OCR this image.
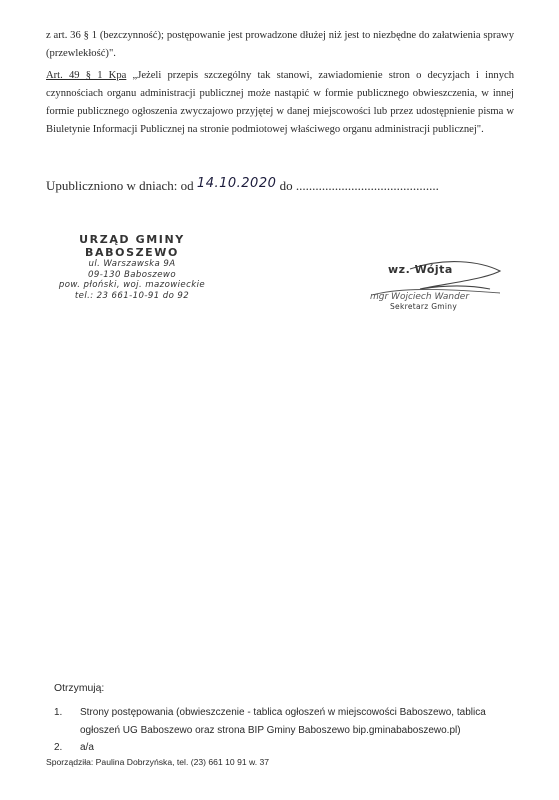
z art. 36 § 1 (bezczynność); postępowanie jest prowadzone dłużej niż jest to niezbędne do załatwienia sprawy (przewlekłość)".

Art. 49 § 1 Kpa „Jeżeli przepis szczególny tak stanowi, zawiadomienie stron o decyzjach i innych czynnościach organu administracji publicznej może nastąpić w formie publicznego obwieszczenia, w innej formie publicznego ogłoszenia zwyczajowo przyjętej w danej miejscowości lub przez udostępnienie pisma w Biuletynie Informacji Publicznej na stronie podmiotowej właściwego organu administracji publicznej".

Upubliczniono w dniach: od 14.10.2020 do ............................................
URZĄD GMINY
BABOSZEWO
ul. Warszawska 9A
09-130 Baboszewo
pow. płoński, woj. mazowieckie
tel.: 23 661-10-91 do 92	mgr Wojciech Wander
wz. Wójta
Sekretarz Gminy
Otrzymują:
1. Strony postępowania (obwieszczenie - tablica ogłoszeń w miejscowości Baboszewo, tablica ogłoszeń UG Baboszewo oraz strona BIP Gminy Baboszewo bip.gminababoszewo.pl)
2. a/a
Sporządziła: Paulina Dobrzyńska, tel. (23) 661 10 91 w. 37
